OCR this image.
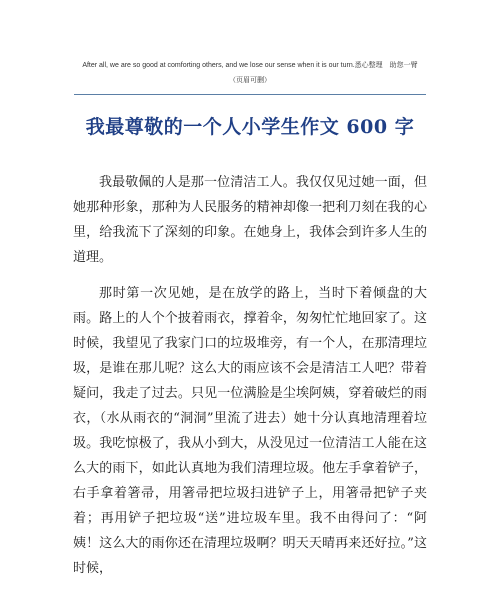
After all, we are so good at comforting others, and we lose our sense when it is our turn.悉心整理　助您一臂
（页眉可删）
我最尊敬的一个人小学生作文 600 字

我最敬佩的人是那一位清洁工人。我仅仅见过她一面，但她那种形象，那种为人民服务的精神却像一把利刀刻在我的心里，给我流下了深刻的印象。在她身上，我体会到许多人生的道理。

那时第一次见她，是在放学的路上，当时下着倾盘的大雨。路上的人个个披着雨衣，撑着伞，匆匆忙忙地回家了。这时候，我望见了我家门口的垃圾堆旁，有一个人，在那清理垃圾，是谁在那儿呢？这么大的雨应该不会是清洁工人吧？带着疑问，我走了过去。只见一位满脸是尘埃阿姨，穿着破烂的雨衣，（水从雨衣的“洞洞”里流了进去）她十分认真地清理着垃圾。我吃惊极了，我从小到大，从没见过一位清洁工人能在这么大的雨下，如此认真地为我们清理垃圾。他左手拿着铲子，右手拿着箸帚，用箸帚把垃圾扫进铲子上，用箸帚把铲子夹着；再用铲子把垃圾“送”进垃圾车里。我不由得问了：“阿姨！这么大的雨你还在清理垃圾啊？明天天晴再来还好拉。”这时候，
